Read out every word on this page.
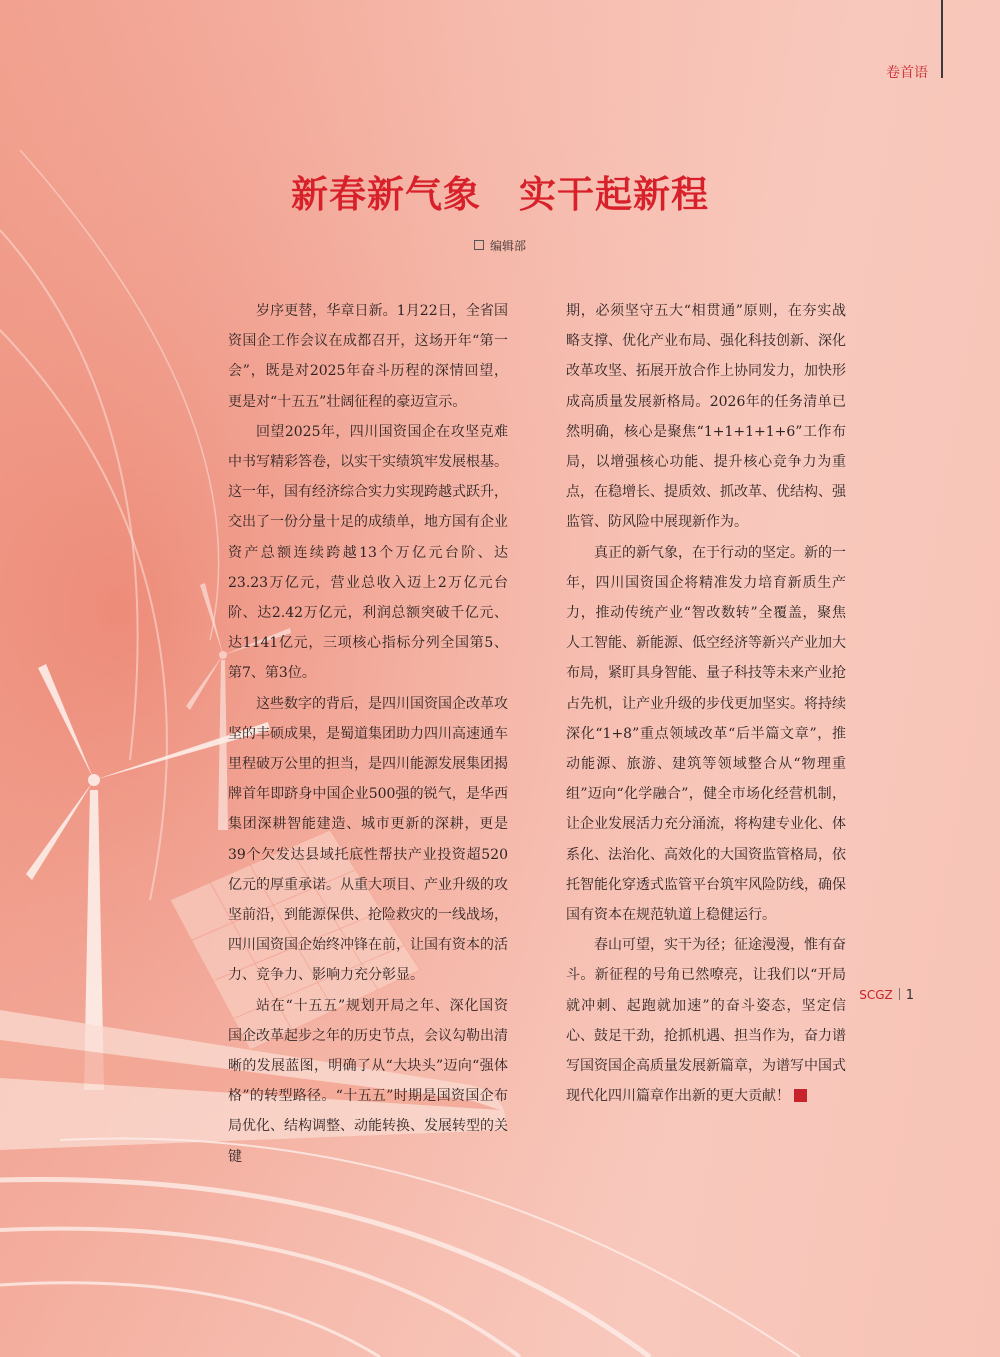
卷首语
新春新气象　实干起新程
编辑部

岁序更替，华章日新。1月22日，全省国资国企工作会议在成都召开，这场开年“第一会”，既是对2025年奋斗历程的深情回望，更是对“十五五”壮阔征程的豪迈宣示。

回望2025年，四川国资国企在攻坚克难中书写精彩答卷，以实干实绩筑牢发展根基。这一年，国有经济综合实力实现跨越式跃升，交出了一份分量十足的成绩单，地方国有企业资产总额连续跨越13个万亿元台阶、达23.23万亿元，营业总收入迈上2万亿元台阶、达2.42万亿元，利润总额突破千亿元、达1141亿元，三项核心指标分列全国第5、第7、第3位。

这些数字的背后，是四川国资国企改革攻坚的丰硕成果，是蜀道集团助力四川高速通车里程破万公里的担当，是四川能源发展集团揭牌首年即跻身中国企业500强的锐气，是华西集团深耕智能建造、城市更新的深耕，更是39个欠发达县域托底性帮扶产业投资超520亿元的厚重承诺。从重大项目、产业升级的攻坚前沿，到能源保供、抢险救灾的一线战场，四川国资国企始终冲锋在前，让国有资本的活力、竞争力、影响力充分彰显。

站在“十五五”规划开局之年、深化国资国企改革起步之年的历史节点，会议勾勒出清晰的发展蓝图，明确了从“大块头”迈向“强体格”的转型路径。“十五五”时期是国资国企布局优化、结构调整、动能转换、发展转型的关键

期，必须坚守五大“相贯通”原则，在夯实战略支撑、优化产业布局、强化科技创新、深化改革攻坚、拓展开放合作上协同发力，加快形成高质量发展新格局。2026年的任务清单已然明确，核心是聚焦“1+1+1+1+6”工作布局，以增强核心功能、提升核心竞争力为重点，在稳增长、提质效、抓改革、优结构、强监管、防风险中展现新作为。

真正的新气象，在于行动的坚定。新的一年，四川国资国企将精准发力培育新质生产力，推动传统产业“智改数转”全覆盖，聚焦人工智能、新能源、低空经济等新兴产业加大布局，紧盯具身智能、量子科技等未来产业抢占先机，让产业升级的步伐更加坚实。将持续深化“1+8”重点领域改革“后半篇文章”，推动能源、旅游、建筑等领域整合从“物理重组”迈向“化学融合”，健全市场化经营机制，让企业发展活力充分涌流，将构建专业化、体系化、法治化、高效化的大国资监管格局，依托智能化穿透式监管平台筑牢风险防线，确保国有资本在规范轨道上稳健运行。

春山可望，实干为径；征途漫漫，惟有奋斗。新征程的号角已然嘹亮，让我们以“开局就冲刺、起跑就加速”的奋斗姿态，坚定信心、鼓足干劲，抢抓机遇、担当作为，奋力谱写国资国企高质量发展新篇章，为谱写中国式现代化四川篇章作出新的更大贡献！

SCGZ 1
